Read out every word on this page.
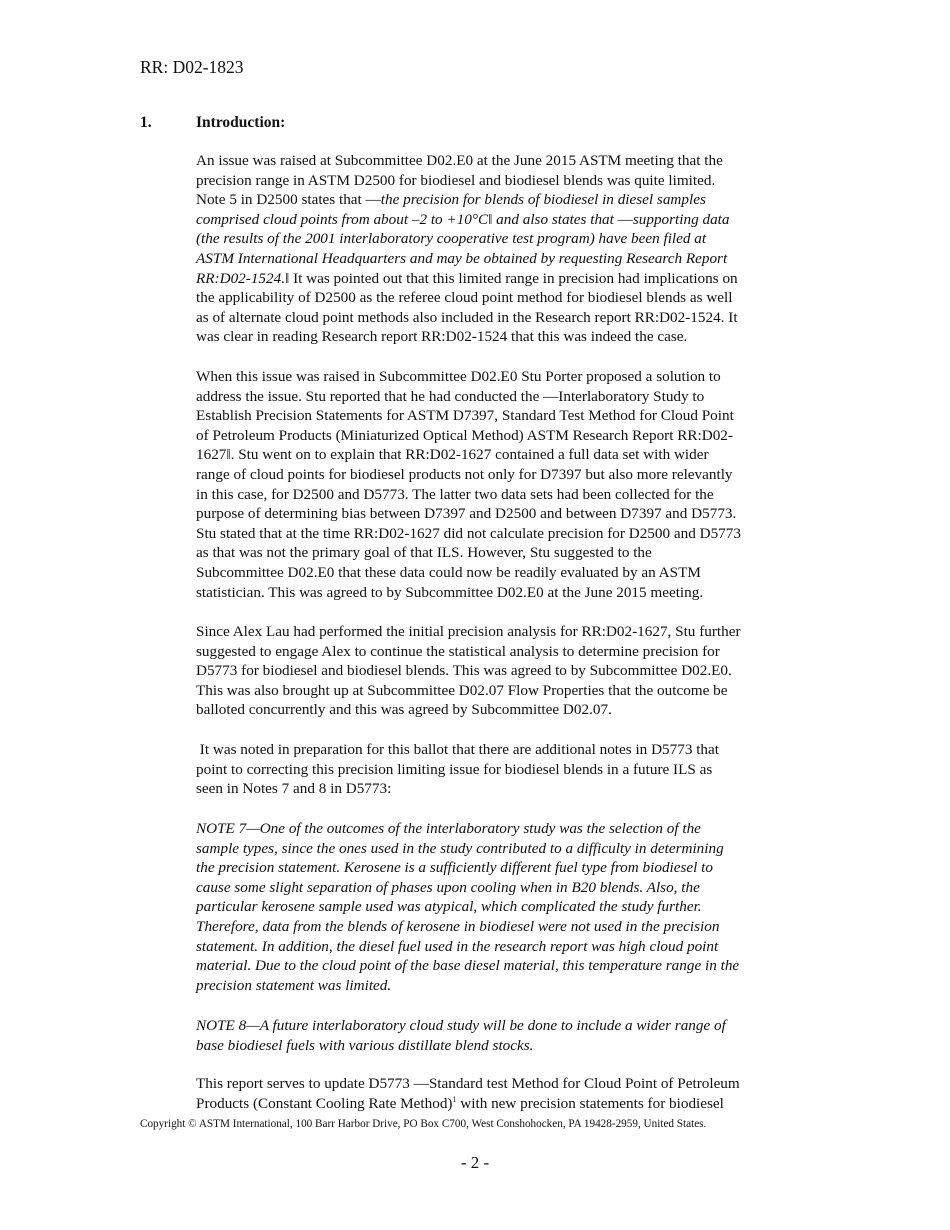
RR: D02-1823
1.	Introduction:
An issue was raised at Subcommittee D02.E0 at the June 2015 ASTM meeting that the
precision range in ASTM D2500 for biodiesel and biodiesel blends was quite limited.
Note 5 in D2500 states that ―the precision for blends of biodiesel in diesel samples
comprised cloud points from about –2 to +10°C‖ and also states that ―supporting data
(the results of the 2001 interlaboratory cooperative test program) have been filed at
ASTM International Headquarters and may be obtained by requesting Research Report
RR:D02-1524.‖ It was pointed out that this limited range in precision had implications on
the applicability of D2500 as the referee cloud point method for biodiesel blends as well
as of alternate cloud point methods also included in the Research report RR:D02-1524. It
was clear in reading Research report RR:D02-1524 that this was indeed the case.
When this issue was raised in Subcommittee D02.E0 Stu Porter proposed a solution to
address the issue. Stu reported that he had conducted the ―Interlaboratory Study to
Establish Precision Statements for ASTM D7397, Standard Test Method for Cloud Point
of Petroleum Products (Miniaturized Optical Method) ASTM Research Report RR:D02-
1627‖. Stu went on to explain that RR:D02-1627 contained a full data set with wider
range of cloud points for biodiesel products not only for D7397 but also more relevantly
in this case, for D2500 and D5773. The latter two data sets had been collected for the
purpose of determining bias between D7397 and D2500 and between D7397 and D5773.
Stu stated that at the time RR:D02-1627 did not calculate precision for D2500 and D5773
as that was not the primary goal of that ILS. However, Stu suggested to the
Subcommittee D02.E0 that these data could now be readily evaluated by an ASTM
statistician. This was agreed to by Subcommittee D02.E0 at the June 2015 meeting.
Since Alex Lau had performed the initial precision analysis for RR:D02-1627, Stu further
suggested to engage Alex to continue the statistical analysis to determine precision for
D5773 for biodiesel and biodiesel blends. This was agreed to by Subcommittee D02.E0.
This was also brought up at Subcommittee D02.07 Flow Properties that the outcome be
balloted concurrently and this was agreed by Subcommittee D02.07.
It was noted in preparation for this ballot that there are additional notes in D5773 that
point to correcting this precision limiting issue for biodiesel blends in a future ILS as
seen in Notes 7 and 8 in D5773:
NOTE 7—One of the outcomes of the interlaboratory study was the selection of the
sample types, since the ones used in the study contributed to a difficulty in determining
the precision statement. Kerosene is a sufficiently different fuel type from biodiesel to
cause some slight separation of phases upon cooling when in B20 blends. Also, the
particular kerosene sample used was atypical, which complicated the study further.
Therefore, data from the blends of kerosene in biodiesel were not used in the precision
statement. In addition, the diesel fuel used in the research report was high cloud point
material. Due to the cloud point of the base diesel material, this temperature range in the
precision statement was limited.
NOTE 8—A future interlaboratory cloud study will be done to include a wider range of
base biodiesel fuels with various distillate blend stocks.
This report serves to update D5773 ―Standard test Method for Cloud Point of Petroleum
Products (Constant Cooling Rate Method)$^1$ with new precision statements for biodiesel
Copyright © ASTM International, 100 Barr Harbor Drive, PO Box C700, West Conshohocken, PA 19428-2959, United States.
- 2 -
